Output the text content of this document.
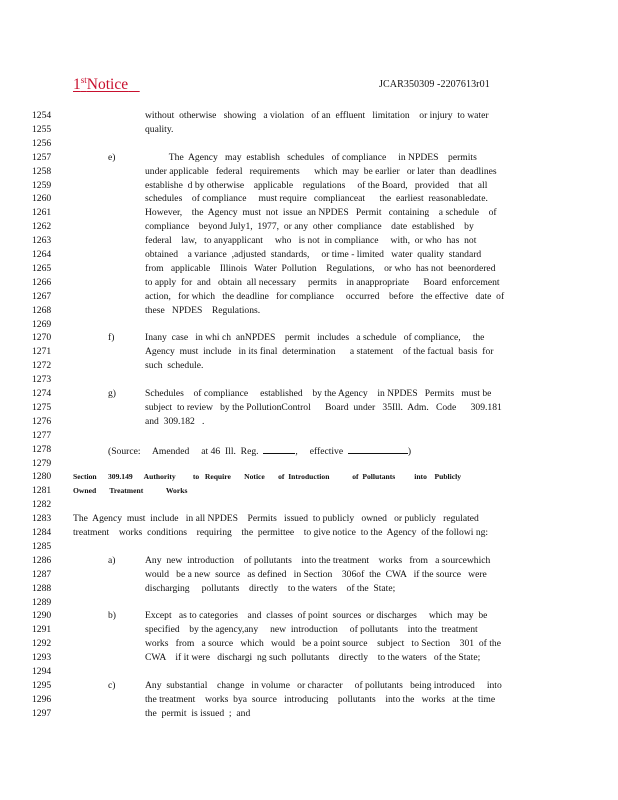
1stNotice	JCAR350309 -2207613r01
1254	without  otherwise   showing   a violation   of an  effluent   limitation    or injury  to water
1255	quality.
1256
1257	e)	The  Agency   may  establish   schedules   of compliance     in NPDES    permits
1258	under applicable   federal   requirements      which  may  be earlier   or later  than  deadlines
1259	establishe  d by otherwise    applicable    regulations     of the Board,   provided    that  all
1260	schedules    of compliance     must require   complianceat      the  earliest  reasonabledate.
1261	However,    the  Agency  must  not  issue  an NPDES   Permit   containing    a schedule    of
1262	compliance    beyond July1,  1977,  or any  other  compliance    date  established    by
1263	federal    law,   to anyapplicant     who   is not  in compliance     with,  or who  has  not
1264	obtained    a variance  ,adjusted  standards,     or time - limited   water  quality  standard
1265	from   applicable    Illinois   Water  Pollution    Regulations,    or who  has not  beenordered
1266	to apply  for  and   obtain  all necessary     permits    in anappropriate      Board  enforcement
1267	action,   for which   the deadline   for compliance     occurred    before   the effective   date  of
1268	these   NPDES    Regulations.
1269
1270	f)	Inany  case   in whi ch  anNPDES    permit   includes   a schedule   of compliance,     the
1271	Agency  must  include   in its final  determination      a statement    of the factual  basis  for
1272	such  schedule.
1273
1274	g)	Schedules    of compliance     established    by the Agency    in NPDES   Permits   must be
1275	subject  to review   by the PollutionControl      Board  under   35Ill.  Adm.   Code      309.181
1276	and  309.182   .
1277
1278	(Source:     Amended     at 46  Ill.  Reg.	,     effective	)
1279
1280	Section      309.149      Authority         to   Require       Notice       of  Introduction            of  Pollutants          into    Publicly
1281	Owned       Treatment            Works
1282
1283 The  Agency  must  include   in all NPDES    Permits   issued  to publicly   owned   or publicly   regulated
1284 treatment    works  conditions    requiring    the  permittee    to give notice  to the  Agency  of the followi ng:
1285
1286	a)	Any  new  introduction    of pollutants    into the treatment    works   from   a sourcewhich
1287	would   be a new  source   as defined   in Section    306of  the  CWA   if the source   were
1288	discharging     pollutants    directly    to the waters    of the  State;
1289
1290	b)	Except   as to categories    and  classes  of point  sources  or discharges     which  may  be
1291	specified    by the agency,any     new  introduction     of pollutants    into the  treatment
1292	works   from   a source   which   would   be a point source    subject   to Section    301  of the
1293	CWA    if it were   dischargi  ng such  pollutants    directly    to the waters   of the State;
1294
1295	c)	Any  substantial    change   in volume   or character     of pollutants   being introduced     into
1296	the treatment    works  bya  source   introducing    pollutants    into the   works   at the  time
1297	the  permit  is issued  ;  and
